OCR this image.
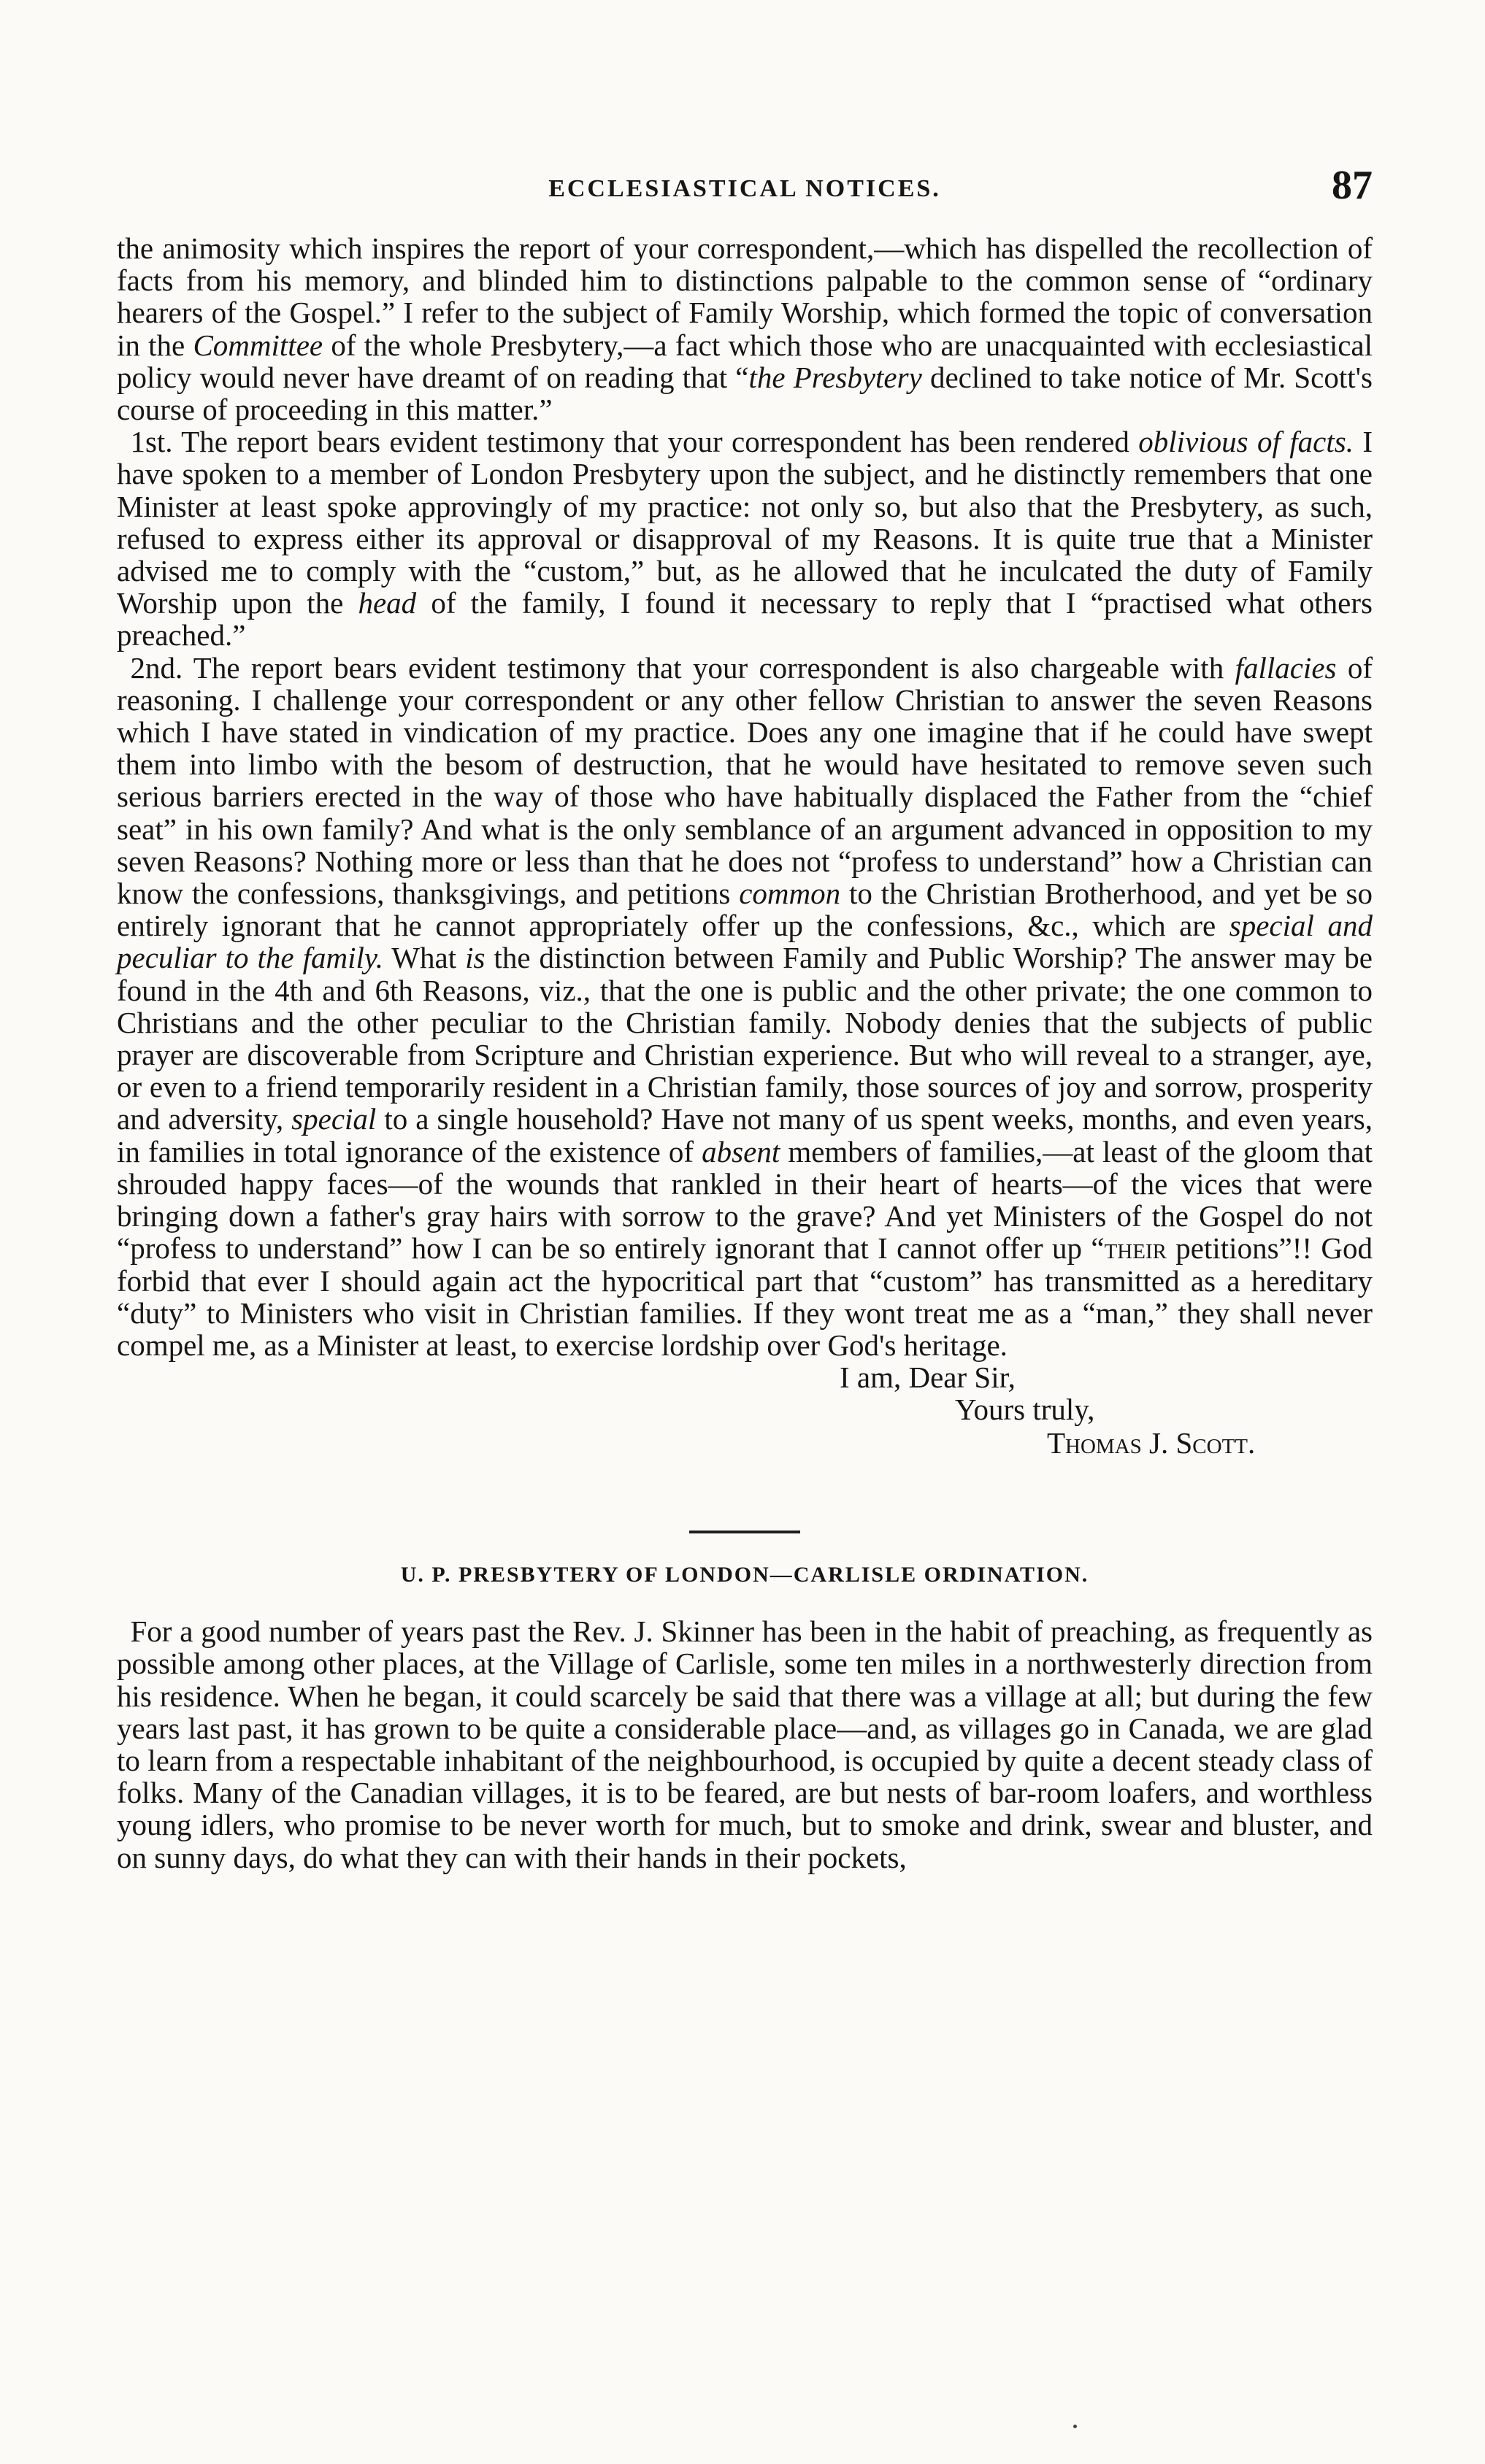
ECCLESIASTICAL NOTICES.	87

the animosity which inspires the report of your correspondent,—which has dispelled the recollection of facts from his memory, and blinded him to distinctions palpable to the common sense of “ordinary hearers of the Gospel.” I refer to the subject of Family Worship, which formed the topic of conversation in the Committee of the whole Presbytery,—a fact which those who are unacquainted with ecclesiastical policy would never have dreamt of on reading that “the Presbytery declined to take notice of Mr. Scott's course of proceeding in this matter.”

1st. The report bears evident testimony that your correspondent has been rendered oblivious of facts. I have spoken to a member of London Presbytery upon the subject, and he distinctly remembers that one Minister at least spoke approvingly of my practice: not only so, but also that the Presbytery, as such, refused to express either its approval or disapproval of my Reasons. It is quite true that a Minister advised me to comply with the “custom,” but, as he allowed that he inculcated the duty of Family Worship upon the head of the family, I found it necessary to reply that I “practised what others preached.”

2nd. The report bears evident testimony that your correspondent is also chargeable with fallacies of reasoning. I challenge your correspondent or any other fellow Christian to answer the seven Reasons which I have stated in vindication of my practice. Does any one imagine that if he could have swept them into limbo with the besom of destruction, that he would have hesitated to remove seven such serious barriers erected in the way of those who have habitually displaced the Father from the “chief seat” in his own family? And what is the only semblance of an argument advanced in opposition to my seven Reasons? Nothing more or less than that he does not “profess to understand” how a Christian can know the confessions, thanksgivings, and petitions common to the Christian Brotherhood, and yet be so entirely ignorant that he cannot appropriately offer up the confessions, &c., which are special and peculiar to the family. What is the distinction between Family and Public Worship? The answer may be found in the 4th and 6th Reasons, viz., that the one is public and the other private; the one common to Christians and the other peculiar to the Christian family. Nobody denies that the subjects of public prayer are discoverable from Scripture and Christian experience. But who will reveal to a stranger, aye, or even to a friend temporarily resident in a Christian family, those sources of joy and sorrow, prosperity and adversity, special to a single household? Have not many of us spent weeks, months, and even years, in families in total ignorance of the existence of absent members of families,—at least of the gloom that shrouded happy faces—of the wounds that rankled in their heart of hearts—of the vices that were bringing down a father's gray hairs with sorrow to the grave? And yet Ministers of the Gospel do not “profess to understand” how I can be so entirely ignorant that I cannot offer up “their petitions”!! God forbid that ever I should again act the hypocritical part that “custom” has transmitted as a hereditary “duty” to Ministers who visit in Christian families. If they wont treat me as a “man,” they shall never compel me, as a Minister at least, to exercise lordship over God's heritage.

I am, Dear Sir,
Yours truly,
Thomas J. Scott.
U. P. PRESBYTERY OF LONDON—CARLISLE ORDINATION.

For a good number of years past the Rev. J. Skinner has been in the habit of preaching, as frequently as possible among other places, at the Village of Carlisle, some ten miles in a northwesterly direction from his residence. When he began, it could scarcely be said that there was a village at all; but during the few years last past, it has grown to be quite a considerable place—and, as villages go in Canada, we are glad to learn from a respectable inhabitant of the neighbourhood, is occupied by quite a decent steady class of folks. Many of the Canadian villages, it is to be feared, are but nests of bar-room loafers, and worthless young idlers, who promise to be never worth for much, but to smoke and drink, swear and bluster, and on sunny days, do what they can with their hands in their pockets,
